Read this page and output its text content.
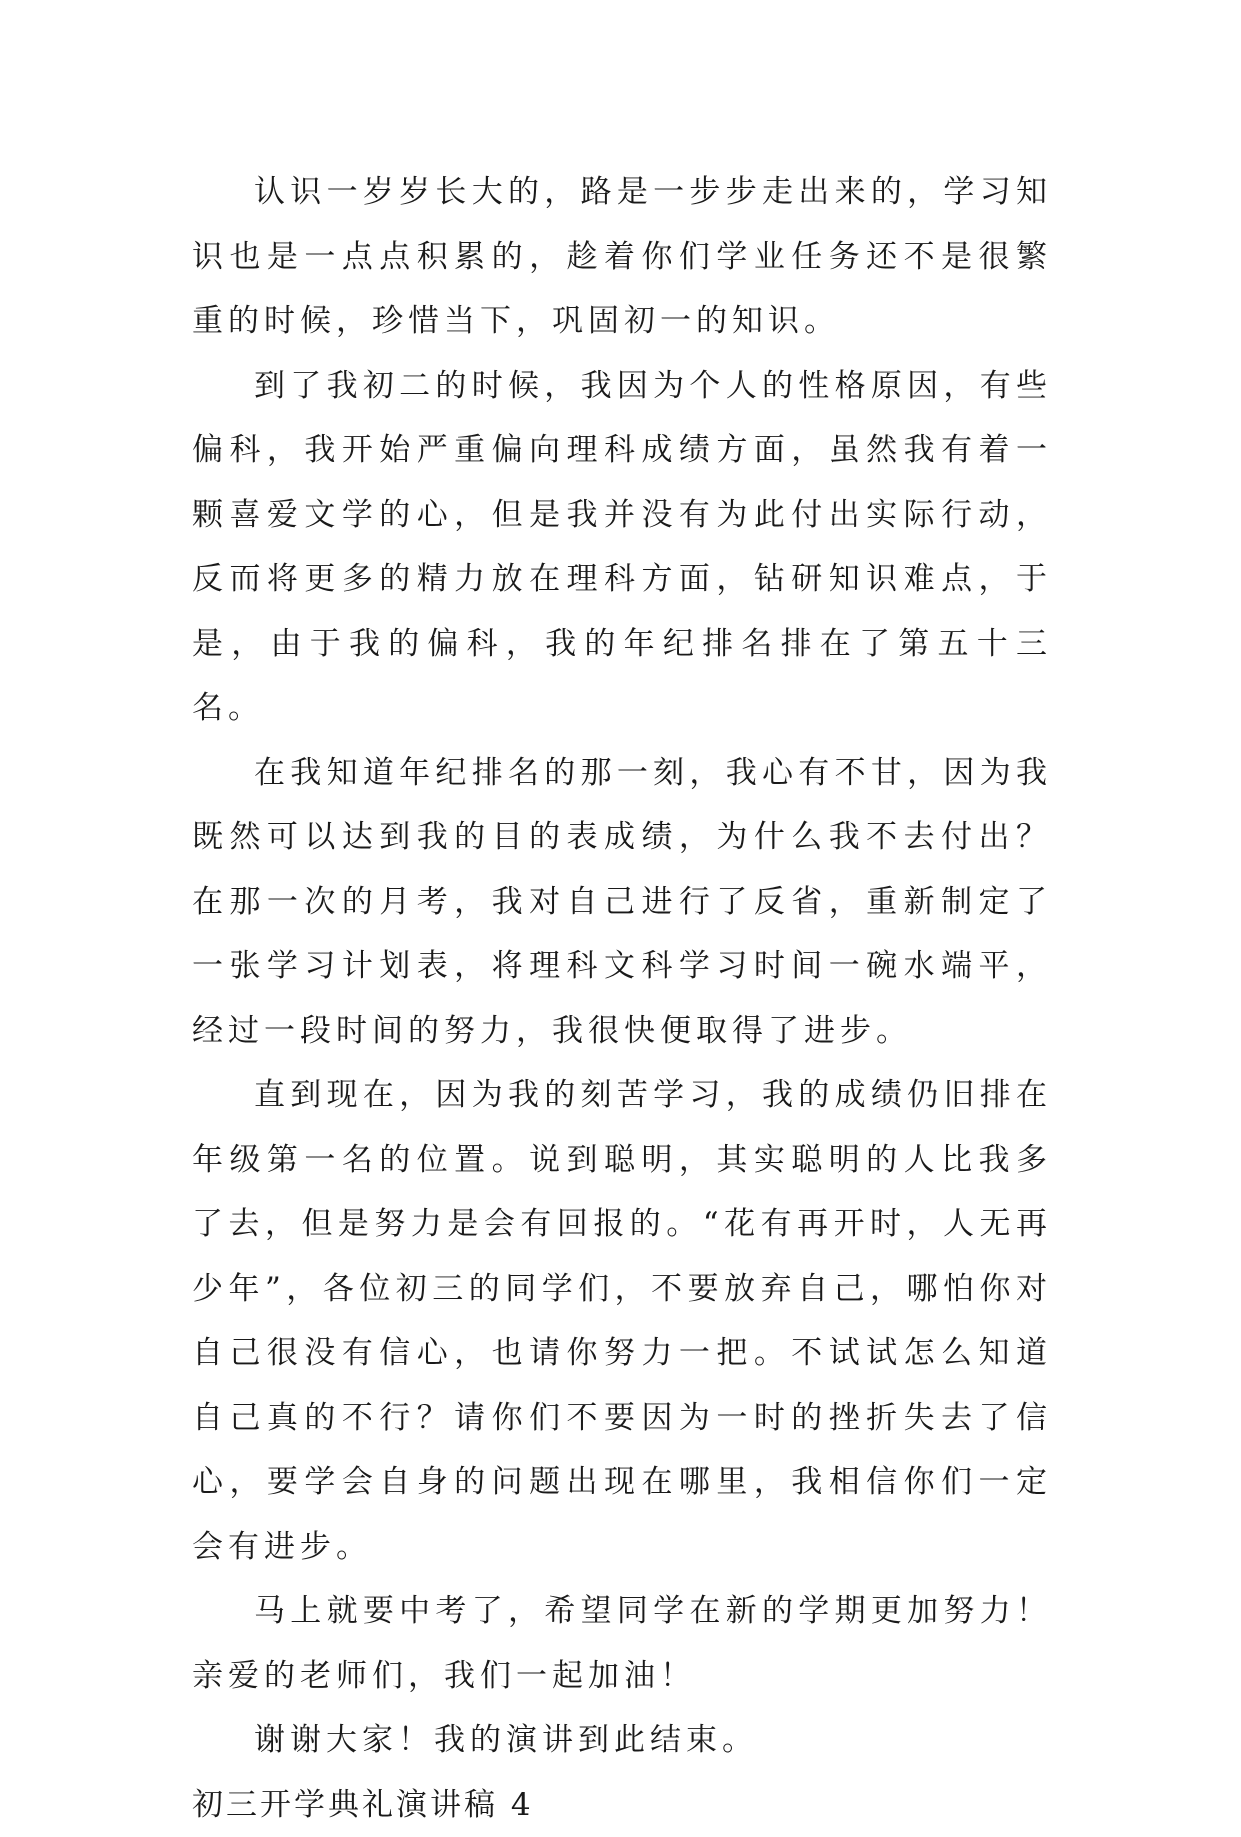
认识一岁岁长大的，路是一步步走出来的，学习知识也是一点点积累的，趁着你们学业任务还不是很繁重的时候，珍惜当下，巩固初一的知识。

到了我初二的时候，我因为个人的性格原因，有些偏科，我开始严重偏向理科成绩方面，虽然我有着一颗喜爱文学的心，但是我并没有为此付出实际行动，反而将更多的精力放在理科方面，钻研知识难点，于是，由于我的偏科，我的年纪排名排在了第五十三名。

在我知道年纪排名的那一刻，我心有不甘，因为我既然可以达到我的目的表成绩，为什么我不去付出？在那一次的月考，我对自己进行了反省，重新制定了一张学习计划表，将理科文科学习时间一碗水端平，经过一段时间的努力，我很快便取得了进步。

直到现在，因为我的刻苦学习，我的成绩仍旧排在年级第一名的位置。说到聪明，其实聪明的人比我多了去，但是努力是会有回报的。“花有再开时，人无再少年”，各位初三的同学们，不要放弃自己，哪怕你对自己很没有信心，也请你努力一把。不试试怎么知道自己真的不行？请你们不要因为一时的挫折失去了信心，要学会自身的问题出现在哪里，我相信你们一定会有进步。

马上就要中考了，希望同学在新的学期更加努力！亲爱的老师们，我们一起加油！

谢谢大家！我的演讲到此结束。

初三开学典礼演讲稿 4
